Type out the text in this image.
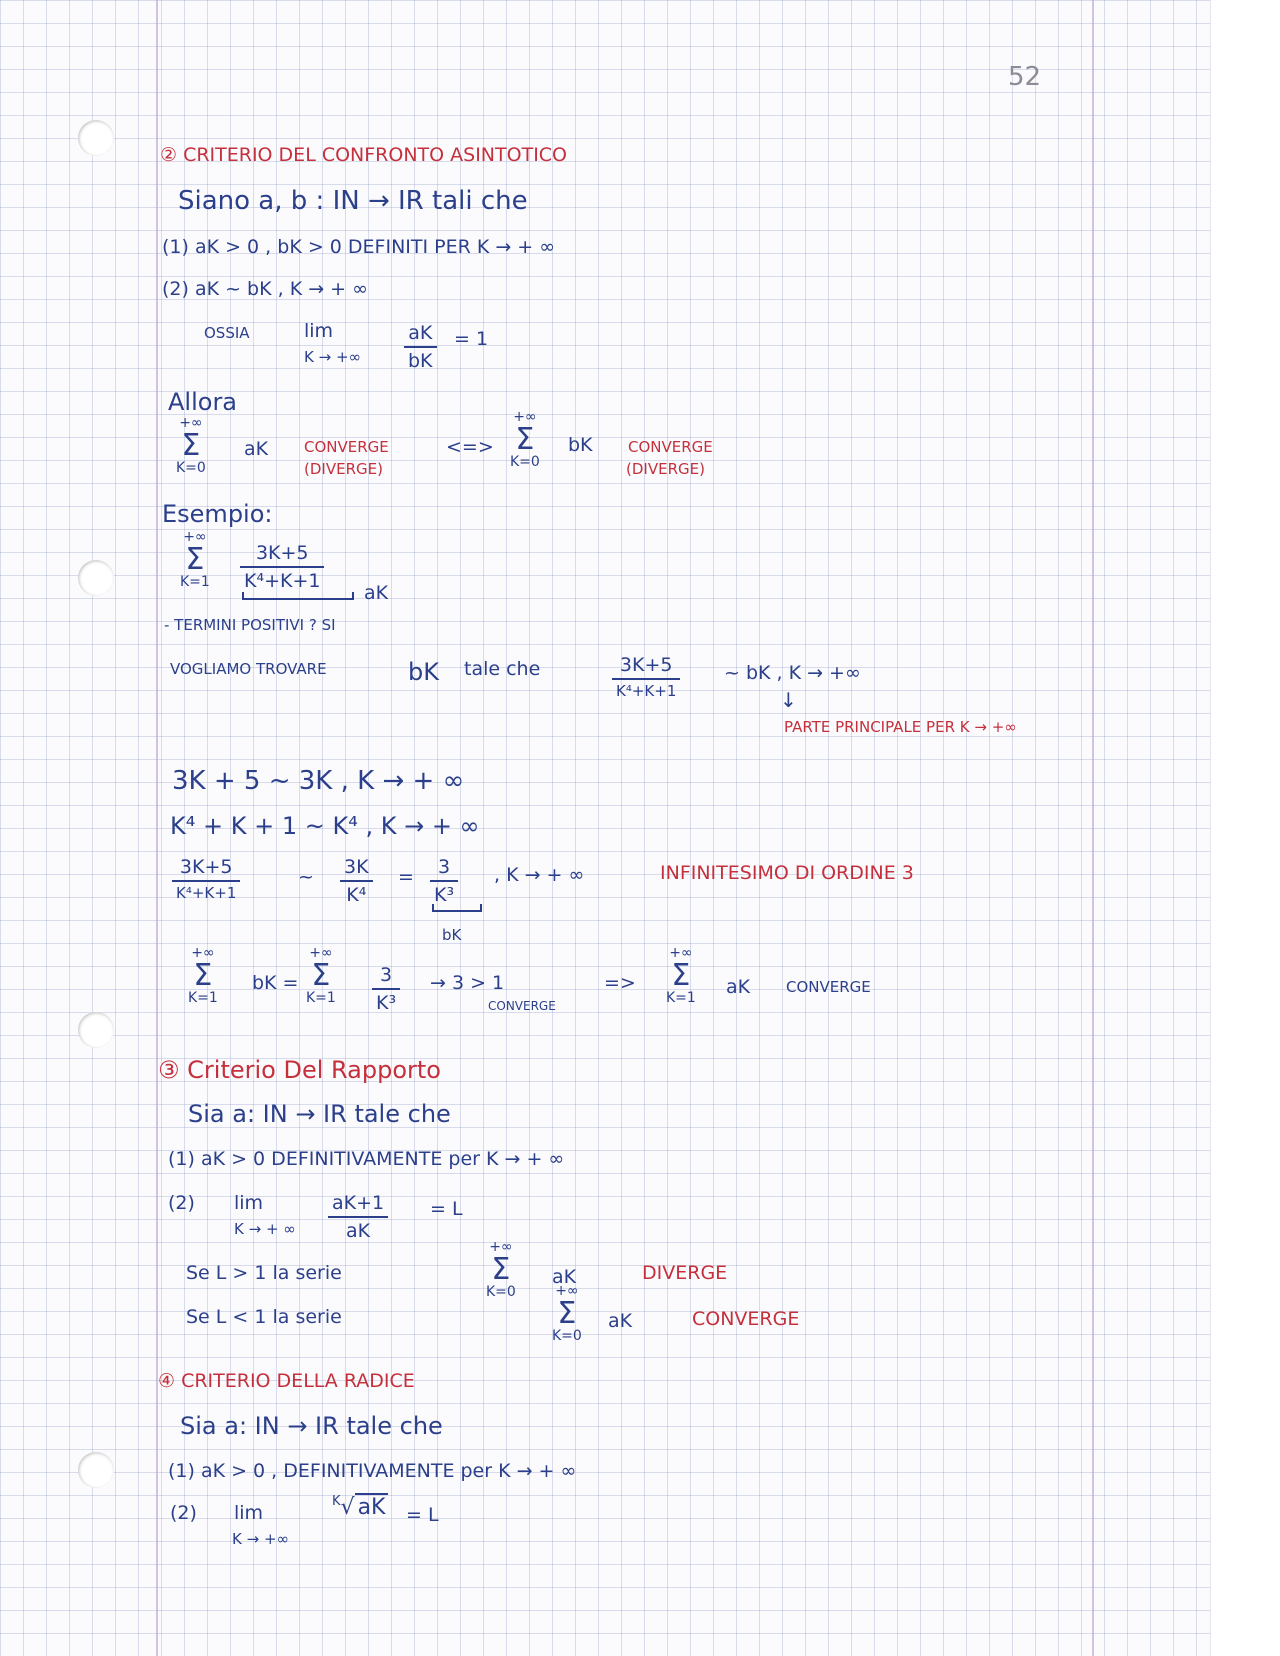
52
② CRITERIO DEL CONFRONTO ASINTOTICO
Siano a, b : IN → IR tali che
(1) aK > 0 , bK > 0 DEFINITI PER K → + ∞
(2) aK ~ bK , K → + ∞
OSSIA	lim
K → +∞ $\frac{aK}{bK} = 1$
Allora
+∞
Σ
K=0
aK CONVERGE
(DIVERGE)
<=>
+∞
Σ
K=0
bK CONVERGE
(DIVERGE)
Esempio:
+∞
Σ
$K=1 \frac{3K+5}{\text{K⁴+K+1}}$
aK
- TERMINI POSITIVI ? SI
VOGLIAMO TROVARE	bK tale che	3K+5
K⁴+K+1
~ bK , K → +∞
↓
PARTE PRINCIPALE PER K → +∞
3K + 5 ~ 3K , K → + ∞
K⁴ + K + 1 ~ K⁴ , K → + ∞
3K+5
K⁴+K+1
~ $\frac{3K}{\text{K⁴}} = \frac{3}{\text{K³}}$
bK
, K → + ∞	INFINITESIMO DI ORDINE 3
+∞
Σ
K=1
bK =
+∞
Σ
$K=1 \frac{3}{\text{K³}} \to 3 > 1$
CONVERGE
=>
+∞
Σ
K=1 aK CONVERGE
③ Criterio Del Rapporto
Sia a: IN → IR tale che
(1) aK > 0 DEFINITIVAMENTE per K → + ∞
(2) lim
K → + ∞ $\frac{aK+1}{aK} = L$
Se L > 1 la serie
+∞
Σ
K=0
aK	DIVERGE
Se L < 1 la serie
+∞
Σ
K=0
aK	CONVERGE
④ CRITERIO DELLA RADICE
Sia a: IN → IR tale che
(1) aK > 0 , DEFINITIVAMENTE per K → + ∞
(2) lim
K → +∞
$^K$√ aK = L
